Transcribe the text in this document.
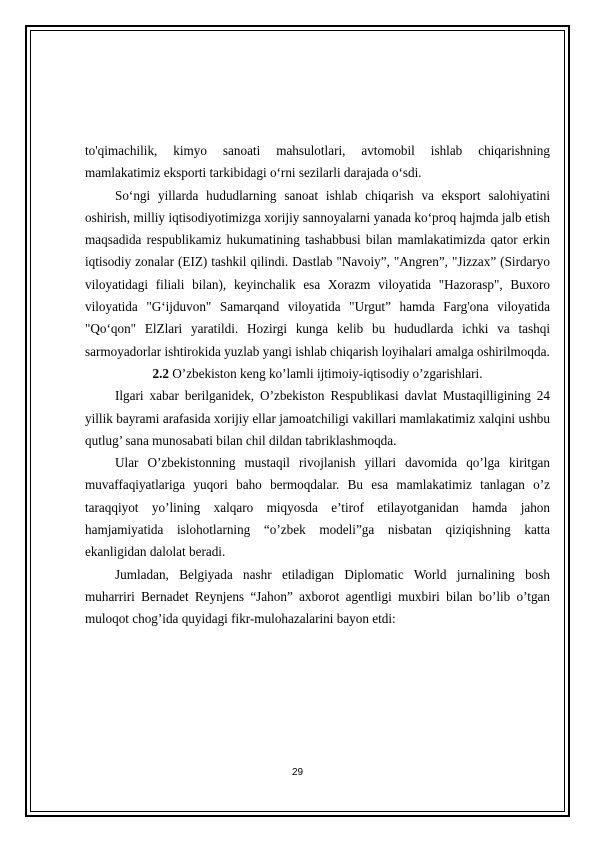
to'qimachilik, kimyo sanoati mahsulotlari, avtomobil ishlab chiqarishning mamlakatimiz eksporti tarkibidagi o‘rni sezilarli darajada o‘sdi.

So‘ngi yillarda hududlarning sanoat ishlab chiqarish va eksport salohiyatini oshirish, milliy iqtisodiyotimizga xorijiy sannoyalarni yanada ko‘proq hajmda jalb etish maqsadida respublikamiz hukumatining tashabbusi bilan mamlakatimizda qator erkin iqtisodiy zonalar (EIZ) tashkil qilindi. Dastlab "Navoiy”, "Angren”, "Jizzax” (Sirdaryo viloyatidagi filiali bilan), keyinchalik esa Xorazm viloyatida "Hazorasp", Buxoro viloyatida "G‘ijduvon" Samarqand viloyatida "Urgut” hamda Farg'ona viloyatida "Qo‘qon" ElZlari yaratildi. Hozirgi kunga kelib bu hududlarda ichki va tashqi sarmoyadorlar ishtirokida yuzlab yangi ishlab chiqarish loyihalari amalga oshirilmoqda.

2.2 O’zbekiston keng ko’lamli ijtimoiy-iqtisodiy o’zgarishlari.

Ilgari xabar berilganidek, O’zbekiston Respublikasi davlat Mustaqilligining 24 yillik bayrami arafasida xorijiy ellar jamoatchiligi vakillari mamlakatimiz xalqini ushbu qutlug’ sana munosabati bilan chil dildan tabriklashmoqda.

Ular O’zbekistonning mustaqil rivojlanish yillari davomida qo’lga kiritgan muvaffaqiyatlariga yuqori baho bermoqdalar. Bu esa mamlakatimiz tanlagan o’z taraqqiyot yo’lining xalqaro miqyosda e’tirof etilayotganidan hamda jahon hamjamiyatida islohotlarning “o’zbek modeli”ga nisbatan qiziqishning katta ekanligidan dalolat beradi.

Jumladan, Belgiyada nashr etiladigan Diplomatic World jurnalining bosh muharriri Bernadet Reynjens “Jahon” axborot agentligi muxbiri bilan bo’lib o’tgan muloqot chog’ida quyidagi fikr-mulohazalarini bayon etdi:

29
